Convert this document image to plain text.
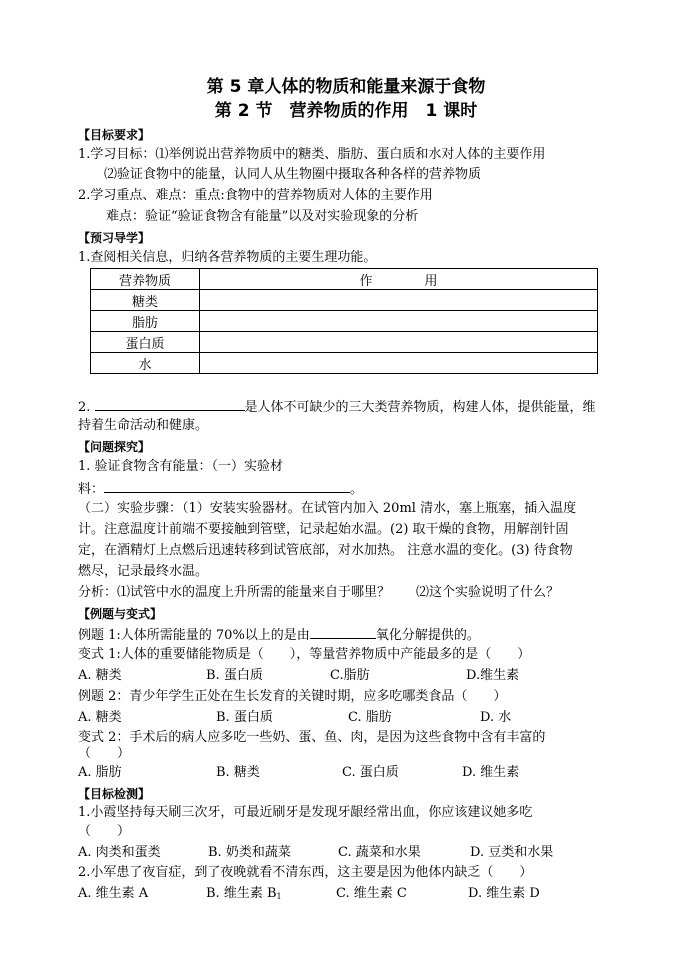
第 5 章人体的物质和能量来源于食物
第 2 节　营养物质的作用　1 课时
【目标要求】
1.学习目标：⑴举例说出营养物质中的糖类、脂肪、蛋白质和水对人体的主要作用
⑵验证食物中的能量，认同人从生物圈中摄取各种各样的营养物质
2.学习重点、难点：重点:食物中的营养物质对人体的主要作用
难点：验证“验证食物含有能量”以及对实验现象的分析
【预习导学】
1.查阅相关信息，归纳各营养物质的主要生理功能。
营养物质	作　　　　用
糖类	
脂肪	
蛋白质	
水	
2.	是人体不可缺少的三大类营养物质，构建人体，提供能量，维
持着生命活动和健康。
【问题探究】
1. 验证食物含有能量：（一）实验材
料：	。
（二）实验步骤：（1）安装实验器材。在试管内加入 20ml 清水，塞上瓶塞，插入温度
计。注意温度计前端不要接触到管壁，记录起始水温。(2) 取干燥的食物，用解剖针固
定，在酒精灯上点燃后迅速转移到试管底部，对水加热。 注意水温的变化。(3) 待食物
燃尽，记录最终水温。
分析：⑴试管中水的温度上升所需的能量来自于哪里？　　⑵这个实验说明了什么？
【例题与变式】
例题 1:人体所需能量的 70%以上的是由	氧化分解提供的。
变式 1:人体的重要储能物质是（　　），等量营养物质中产能最多的是（　　）
A. 糖类	B. 蛋白质	C.脂肪	D.维生素
例题 2：青少年学生正处在生长发育的关键时期，应多吃哪类食品（　　）
A. 糖类	B. 蛋白质	C. 脂肪	D. 水
变式 2：手术后的病人应多吃一些奶、蛋、鱼、肉，是因为这些食物中含有丰富的
（　　）
A. 脂肪	B. 糖类	C. 蛋白质	D. 维生素
【目标检测】
1.小霞坚持每天刷三次牙，可最近刷牙是发现牙龈经常出血，你应该建议她多吃
（　　）
A. 肉类和蛋类	B. 奶类和蔬菜	C. 蔬菜和水果	D. 豆类和水果
2.小军患了夜盲症，到了夜晚就看不清东西，这主要是因为他体内缺乏（　　）
A. 维生素 A	B. 维生素 $B_1$	C. 维生素 C	D. 维生素 D
